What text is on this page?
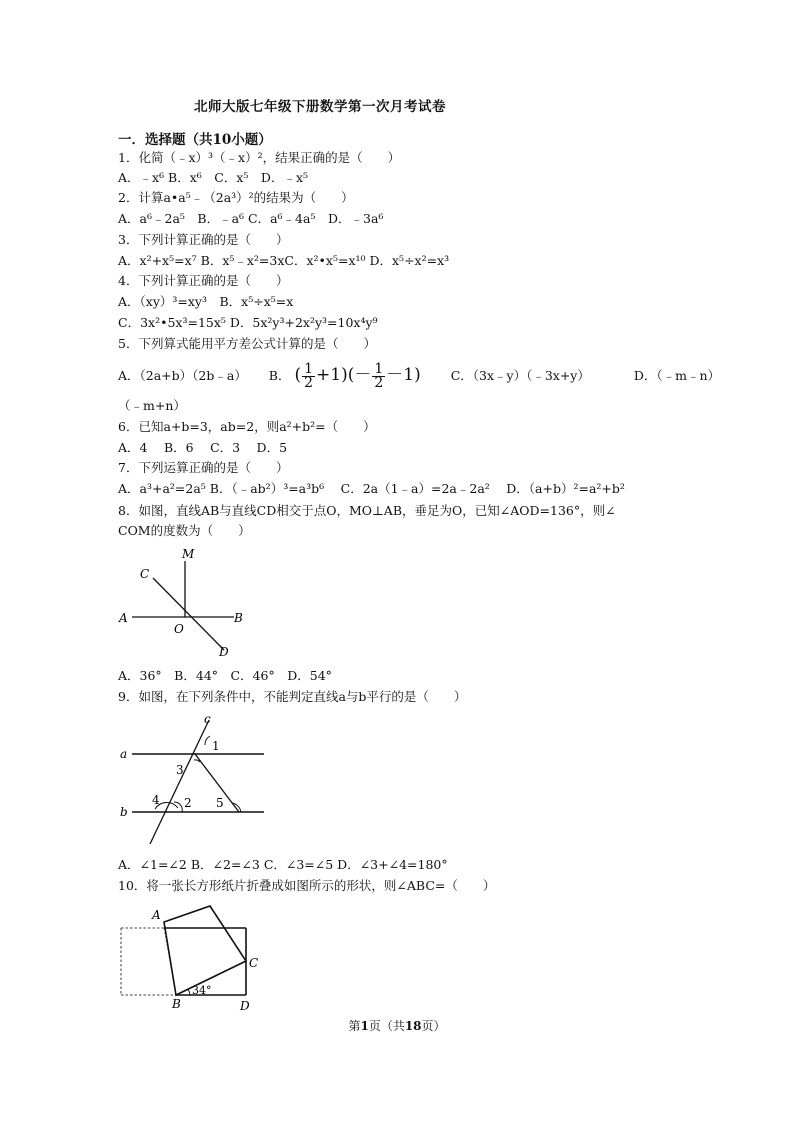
北师大版七年级下册数学第一次月考试卷
一．选择题（共10小题）
1．化简（﹣x）³（﹣x）²，结果正确的是（　　）
A．﹣x⁶ B．x⁶　C．x⁵　D．﹣x⁵
2．计算a•a⁵﹣（2a³）²的结果为（　　）
A．a⁶﹣2a⁵　B．﹣a⁶ C．a⁶﹣4a⁵　D．﹣3a⁶
3．下列计算正确的是（　　）
A．x²+x⁵=x⁷ B．x⁵﹣x²=3xC．x²•x⁵=x¹⁰ D．x⁵÷x²=x³
4．下列计算正确的是（　　）
A．（xy）³=xy³　B．x⁵÷x⁵=x
C．3x²•5x³=15x⁵ D．5x²y³+2x²y³=10x⁴y⁹
5．下列算式能用平方差公式计算的是（　　）
A．（2a+b）（2b﹣a） B． ( $\frac{1}{2} +1)(- \frac{1}{2} -1)$ C．（3x﹣y）（﹣3x+y）	D．（﹣m﹣n）
（﹣m+n）
6．已知a+b=3，ab=2，则a²+b²=（　　）
A．4　 B．6　 C．3　 D．5
7．下列运算正确的是（　　）
A．a³+a²=2a⁵ B．（﹣ab²）³=a³b⁶　 C．2a（1﹣a）=2a﹣2a²　 D．（a+b）²=a²+b²
8．如图，直线AB与直线CD相交于点O，MO⊥AB，垂足为O，已知∠AOD=136°，则∠
COM的度数为（　　）
M
C
A
O
B
D
A．36°　B．44°　C．46°　D．54°
9．如图，在下列条件中，不能判定直线a与b平行的是（　　）
c
a
b
1
3
4 2 5
A．∠1=∠2 B．∠2=∠3 C．∠3=∠5 D．∠3+∠4=180°
10．将一张长方形纸片折叠成如图所示的形状，则∠ABC=（　　）
A
C
B	D
34°
第1页（共18页）
